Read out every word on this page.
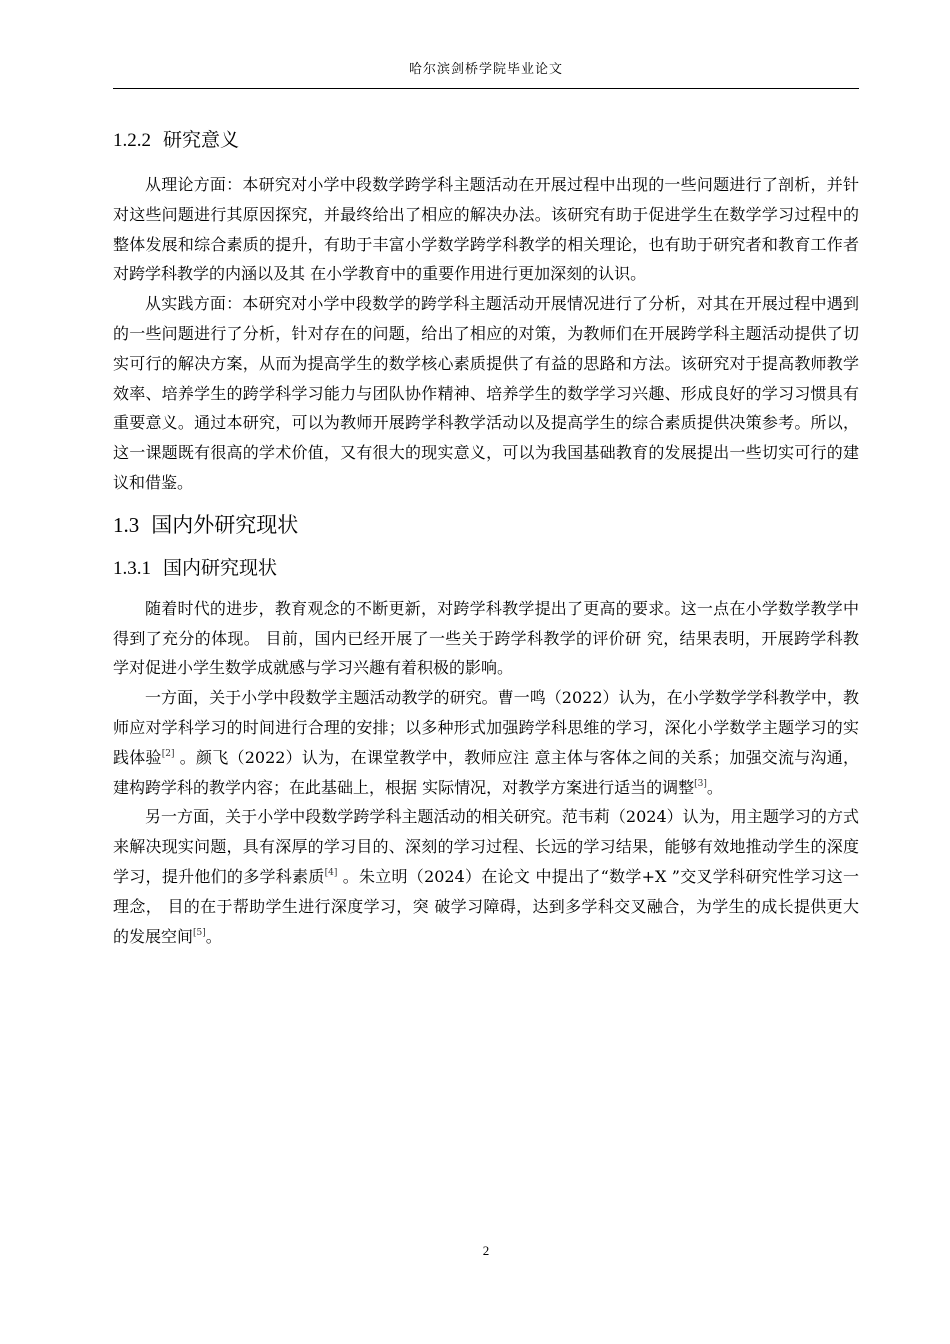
哈尔滨剑桥学院毕业论文
1.2.2 研究意义

从理论方面：本研究对小学中段数学跨学科主题活动在开展过程中出现的一些问题进行了剖析，并针对这些问题进行其原因探究，并最终给出了相应的解决办法。该研究有助于促进学生在数学学习过程中的整体发展和综合素质的提升，有助于丰富小学数学跨学科教学的相关理论，也有助于研究者和教育工作者对跨学科教学的内涵以及其 在小学教育中的重要作用进行更加深刻的认识。

从实践方面：本研究对小学中段数学的跨学科主题活动开展情况进行了分析，对其在开展过程中遇到的一些问题进行了分析，针对存在的问题，给出了相应的对策，为教师们在开展跨学科主题活动提供了切实可行的解决方案，从而为提高学生的数学核心素质提供了有益的思路和方法。该研究对于提高教师教学效率、培养学生的跨学科学习能力与团队协作精神、培养学生的数学学习兴趣、形成良好的学习习惯具有重要意义。通过本研究，可以为教师开展跨学科教学活动以及提高学生的综合素质提供决策参考。所以，这一课题既有很高的学术价值，又有很大的现实意义，可以为我国基础教育的发展提出一些切实可行的建议和借鉴。

1.3 国内外研究现状
1.3.1 国内研究现状

随着时代的进步，教育观念的不断更新，对跨学科教学提出了更高的要求。这一点在小学数学教学中得到了充分的体现。 目前，国内已经开展了一些关于跨学科教学的评价研 究，结果表明，开展跨学科教学对促进小学生数学成就感与学习兴趣有着积极的影响。

一方面，关于小学中段数学主题活动教学的研究。曹一鸣（2022）认为，在小学数学学科教学中，教师应对学科学习的时间进行合理的安排；以多种形式加强跨学科思维的学习，深化小学数学主题学习的实践体验[2] 。颜飞（2022）认为，在课堂教学中，教师应注 意主体与客体之间的关系；加强交流与沟通，建构跨学科的教学内容；在此基础上，根据 实际情况，对教学方案进行适当的调整[3]。

另一方面，关于小学中段数学跨学科主题活动的相关研究。范韦莉（2024）认为，用主题学习的方式来解决现实问题，具有深厚的学习目的、深刻的学习过程、长远的学习结果，能够有效地推动学生的深度学习，提升他们的多学科素质[4] 。朱立明（2024）在论文 中提出了“数学+X ”交叉学科研究性学习这一理念， 目的在于帮助学生进行深度学习，突 破学习障碍，达到多学科交叉融合，为学生的成长提供更大的发展空间[5]。

2
